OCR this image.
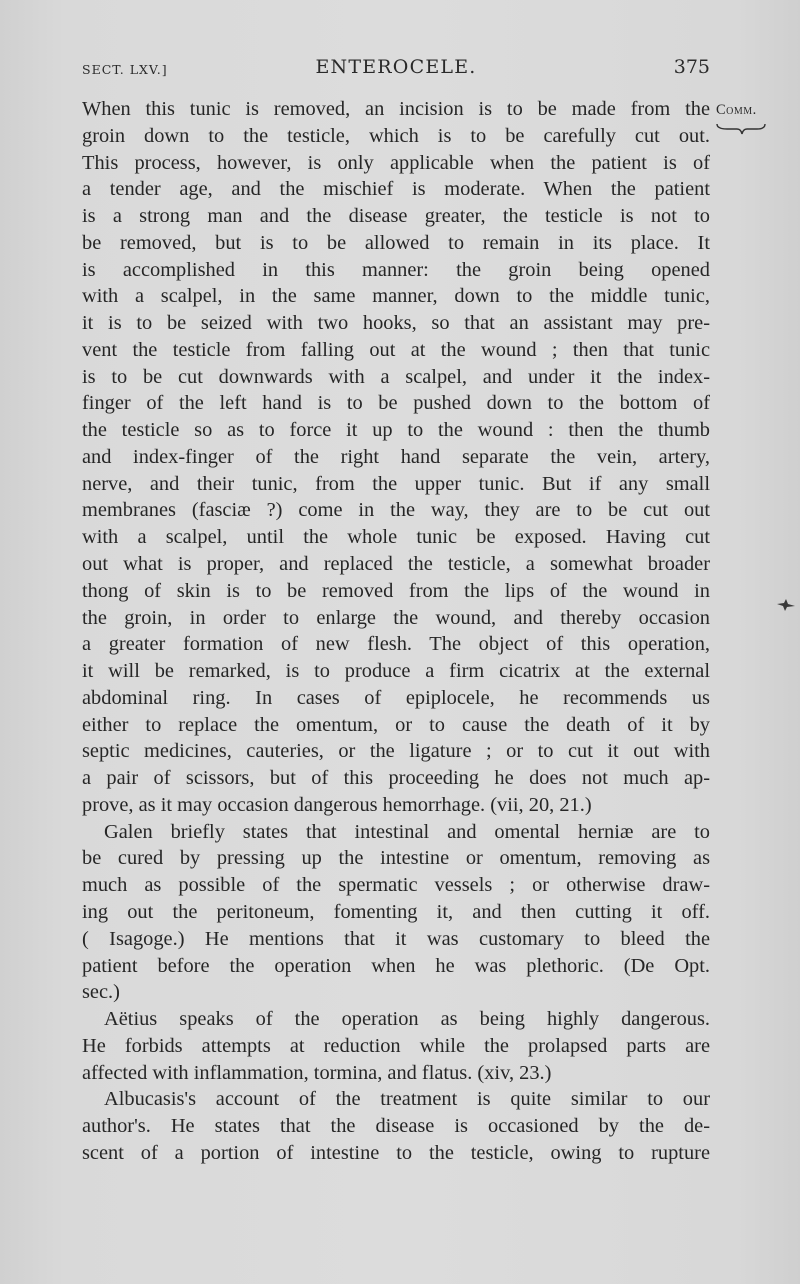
SECT. LXV.]	ENTEROCELE.	375
Comm.
When this tunic is removed, an incision is to be made from the
groin down to the testicle, which is to be carefully cut out.
This process, however, is only applicable when the patient is of
a tender age, and the mischief is moderate. When the patient
is a strong man and the disease greater, the testicle is not to
be removed, but is to be allowed to remain in its place. It
is accomplished in this manner: the groin being opened
with a scalpel, in the same manner, down to the middle tunic,
it is to be seized with two hooks, so that an assistant may pre-
vent the testicle from falling out at the wound ; then that tunic
is to be cut downwards with a scalpel, and under it the index-
finger of the left hand is to be pushed down to the bottom of
the testicle so as to force it up to the wound : then the thumb
and index-finger of the right hand separate the vein, artery,
nerve, and their tunic, from the upper tunic. But if any small
membranes (fasciæ ?) come in the way, they are to be cut out
with a scalpel, until the whole tunic be exposed. Having cut
out what is proper, and replaced the testicle, a somewhat broader
thong of skin is to be removed from the lips of the wound in
the groin, in order to enlarge the wound, and thereby occasion
a greater formation of new flesh. The object of this operation,
it will be remarked, is to produce a firm cicatrix at the external
abdominal ring. In cases of epiplocele, he recommends us
either to replace the omentum, or to cause the death of it by
septic medicines, cauteries, or the ligature ; or to cut it out with
a pair of scissors, but of this proceeding he does not much ap-
prove, as it may occasion dangerous hemorrhage. (vii, 20, 21.)
Galen briefly states that intestinal and omental herniæ are to
be cured by pressing up the intestine or omentum, removing as
much as possible of the spermatic vessels ; or otherwise draw-
ing out the peritoneum, fomenting it, and then cutting it off.
( Isagoge.) He mentions that it was customary to bleed the
patient before the operation when he was plethoric. (De Opt.
sec.)
Aëtius speaks of the operation as being highly dangerous.
He forbids attempts at reduction while the prolapsed parts are
affected with inflammation, tormina, and flatus. (xiv, 23.)
Albucasis's account of the treatment is quite similar to our
author's. He states that the disease is occasioned by the de-
scent of a portion of intestine to the testicle, owing to rupture
